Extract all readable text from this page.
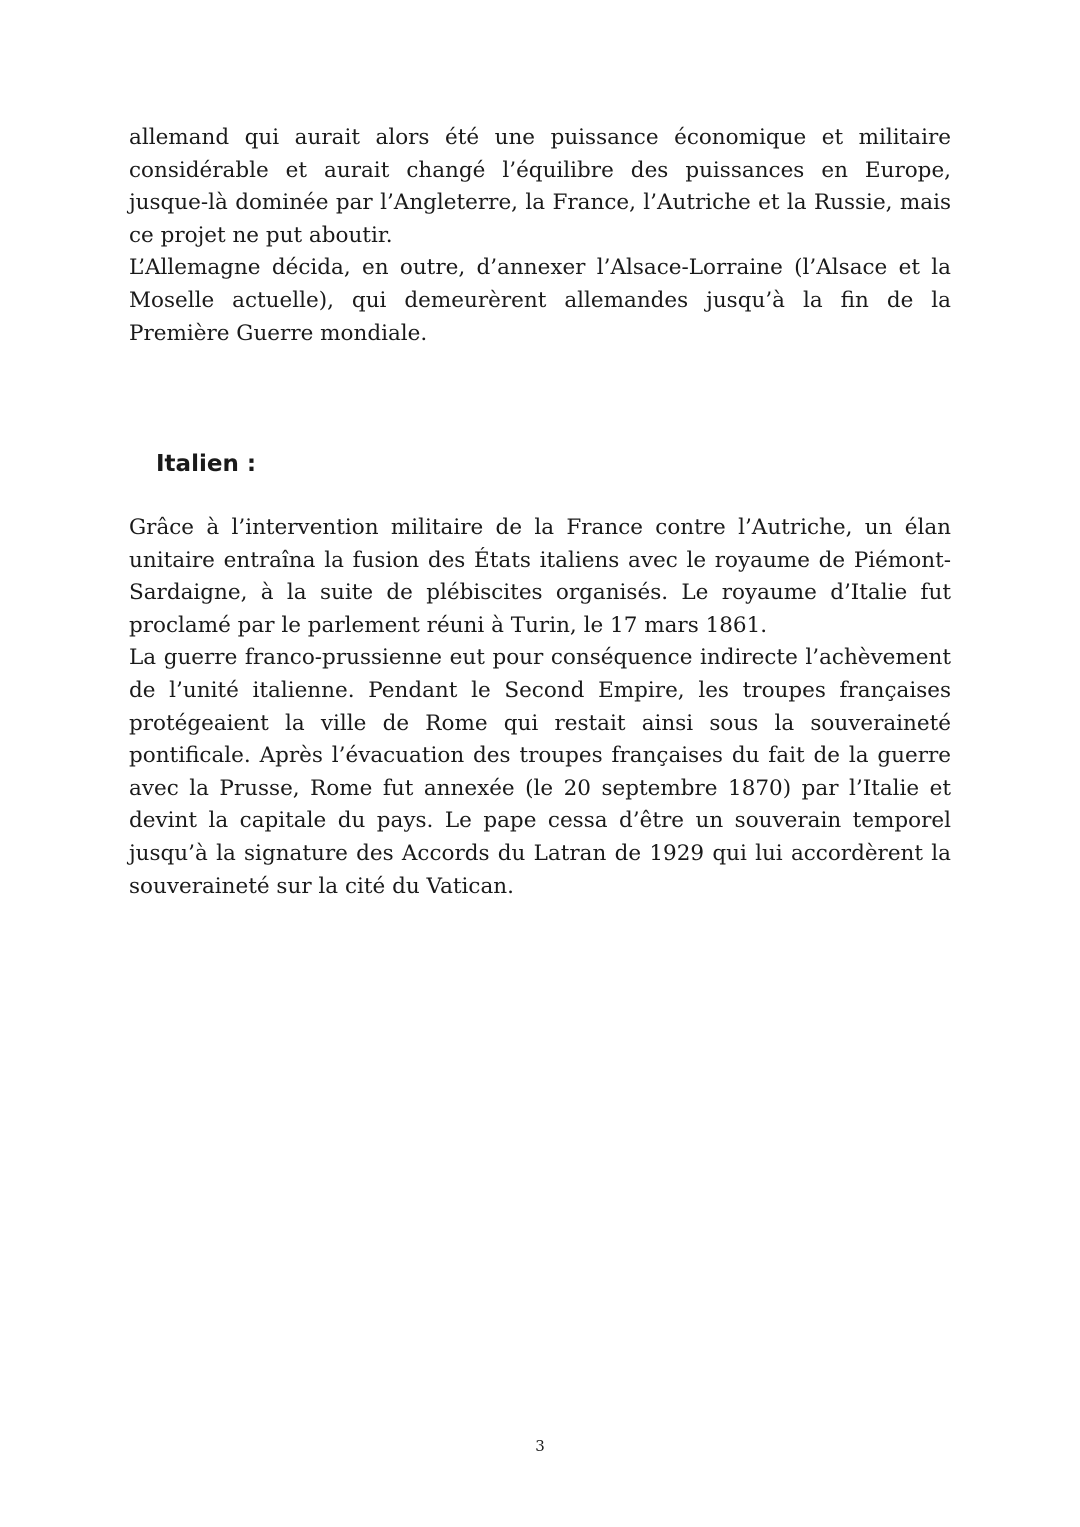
allemand qui aurait alors été une puissance économique et militaire considérable et aurait changé l’équilibre des puissances en Europe, jusque-là dominée par l’Angleterre, la France, l’Autriche et la Russie, mais ce projet ne put aboutir.

L’Allemagne décida, en outre, d’annexer l’Alsace-Lorraine (l’Alsace et la Moselle actuelle), qui demeurèrent allemandes jusqu’à la fin de la Première Guerre mondiale.

Italien :

Grâce à l’intervention militaire de la France contre l’Autriche, un élan unitaire entraîna la fusion des États italiens avec le royaume de Piémont-Sardaigne, à la suite de plébiscites organisés. Le royaume d’Italie fut proclamé par le parlement réuni à Turin, le 17 mars 1861.

La guerre franco-prussienne eut pour conséquence indirecte l’achèvement de l’unité italienne. Pendant le Second Empire, les troupes françaises protégeaient la ville de Rome qui restait ainsi sous la souveraineté pontificale. Après l’évacuation des troupes françaises du fait de la guerre avec la Prusse, Rome fut annexée (le 20 septembre 1870) par l’Italie et devint la capitale du pays. Le pape cessa d’être un souverain temporel jusqu’à la signature des Accords du Latran de 1929 qui lui accordèrent la souveraineté sur la cité du Vatican.

3
